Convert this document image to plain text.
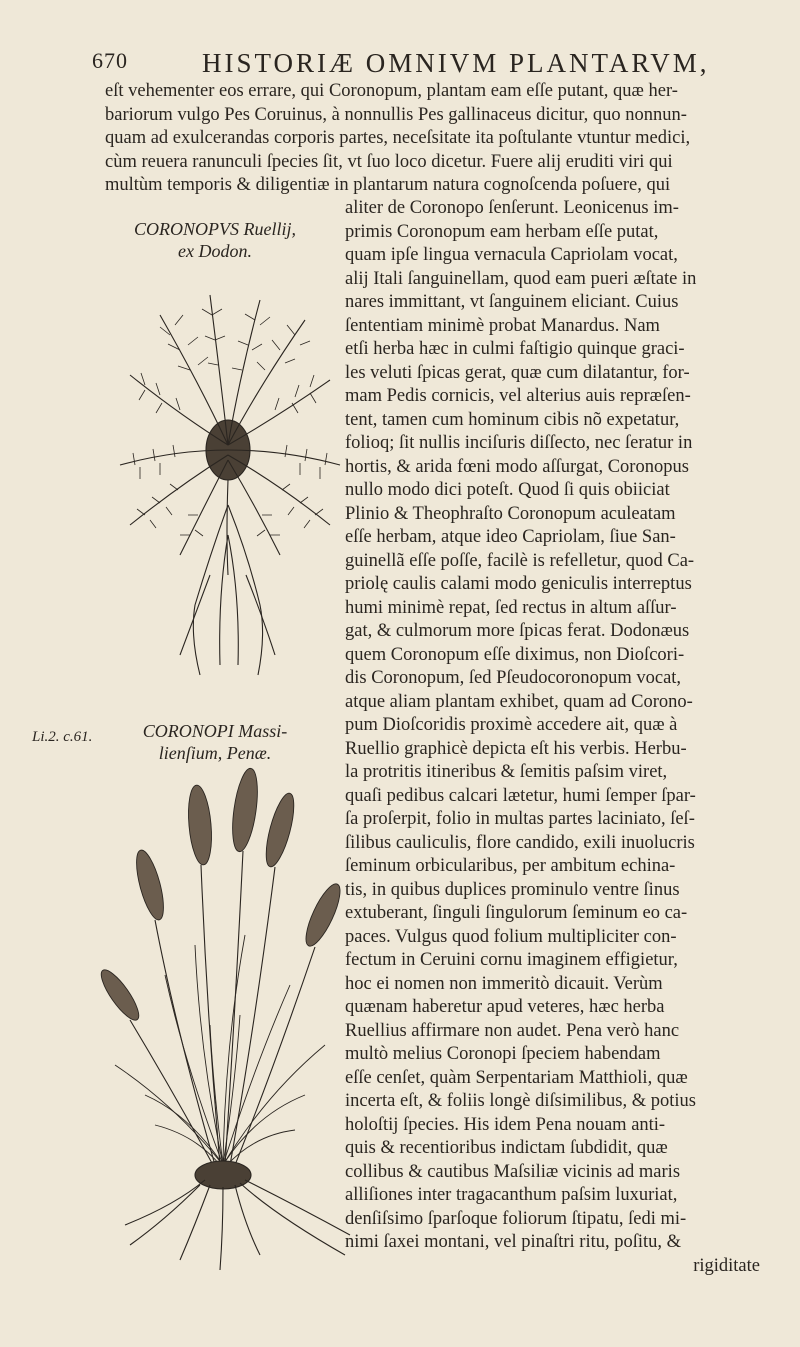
670	HISTORIÆ OMNIVM PLANTARVM,
eſt vehementer eos errare, qui Coronopum, plantam eam eſſe putant, quæ her-
bariorum vulgo Pes Coruinus, à nonnullis Pes gallinaceus dicitur, quo nonnun-
quam ad exulcerandas corporis partes, neceſsitate ita poſtulante vtuntur medici,
cùm reuera ranunculi ſpecies ſit, vt ſuo loco dicetur. Fuere alij eruditi viri qui
multùm temporis & diligentiæ in plantarum natura cognoſcenda poſuere, qui
CORONOPVS Ruellij,
ex Dodon.
CORONOPI Massi-
lienſium, Penæ.
Li.2. c.61.
aliter de Coronopo ſenſerunt. Leonicenus im-
primis Coronopum eam herbam eſſe putat,
quam ipſe lingua vernacula Capriolam vocat,
alij Itali ſanguinellam, quod eam pueri æſtate in
nares immittant, vt ſanguinem eliciant. Cuius
ſententiam minimè probat Manardus. Nam
etſi herba hæc in culmi faſtigio quinque graci-
les veluti ſpicas gerat, quæ cum dilatantur, for-
mam Pedis cornicis, vel alterius auis repræſen-
tent, tamen cum hominum cibis nõ expetatur,
folioq; ſit nullis inciſuris diſſecto, nec ſeratur in
hortis, & arida fœni modo aſſurgat, Coronopus
nullo modo dici poteſt. Quod ſi quis obiiciat
Plinio & Theophraſto Coronopum aculeatam
eſſe herbam, atque ideo Capriolam, ſiue San-
guinellã eſſe poſſe, facilè is refelletur, quod Ca-
priolę caulis calami modo geniculis interreptus
humi minimè repat, ſed rectus in altum aſſur-
gat, & culmorum more ſpicas ferat. Dodonæus
quem Coronopum eſſe diximus, non Dioſcori-
dis Coronopum, ſed Pſeudocoronopum vocat,
atque aliam plantam exhibet, quam ad Corono-
pum Dioſcoridis proximè accedere ait, quæ à
Ruellio graphicè depicta eſt his verbis. Herbu-
la protritis itineribus & ſemitis paſsim viret,
quaſi pedibus calcari lætetur, humi ſemper ſpar-
ſa proſerpit, folio in multas partes laciniato, ſeſ-
ſilibus cauliculis, flore candido, exili inuolucris
ſeminum orbicularibus, per ambitum echina-
tis, in quibus duplices prominulo ventre ſinus
extuberant, ſinguli ſingulorum ſeminum eo ca-
paces. Vulgus quod folium multipliciter con-
fectum in Ceruini cornu imaginem effigietur,
hoc ei nomen non immeritò dicauit. Verùm
quænam haberetur apud veteres, hæc herba
Ruellius affirmare non audet. Pena verò hanc
multò melius Coronopi ſpeciem habendam
eſſe cenſet, quàm Serpentariam Matthioli, quæ
incerta eſt, & foliis longè diſsimilibus, & potius
holoſtij ſpecies. His idem Pena nouam anti-
quis & recentioribus indictam ſubdidit, quæ
collibus & cautibus Maſsiliæ vicinis ad maris
alliſiones inter tragacanthum paſsim luxuriat,
denſiſsimo ſparſoque foliorum ſtipatu, ſedi mi-
nimi ſaxei montani, vel pinaſtri ritu, poſitu, &
rigiditate
